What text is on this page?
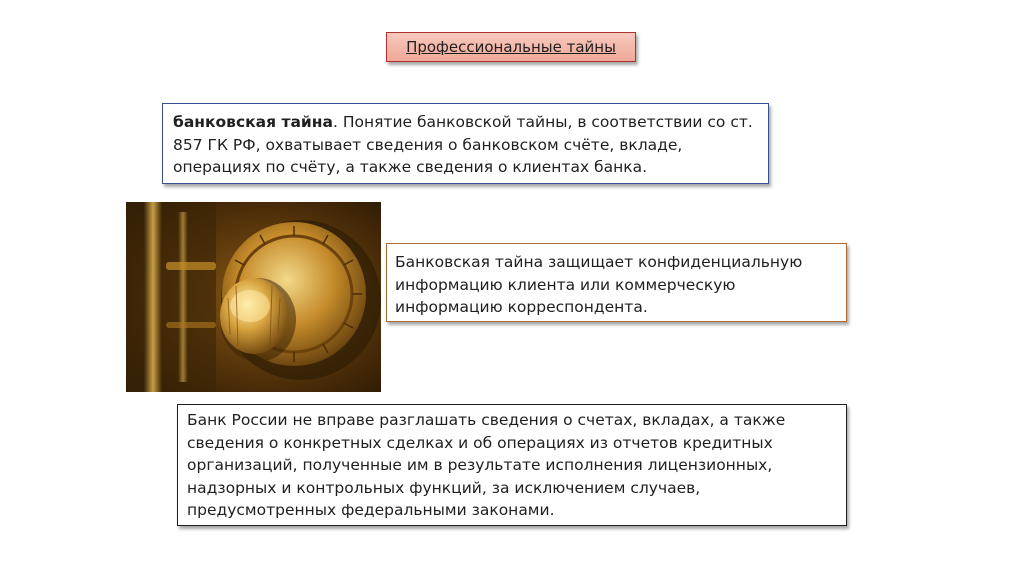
Профессиональные тайны
банковская тайна. Понятие банковской тайны, в соответствии со ст. 857 ГК РФ, охватывает сведения о банковском счёте, вкладе, операциях по счёту, а также сведения о клиентах банка.
Банковская тайна защищает конфиденциальную информацию клиента или коммерческую информацию корреспондента.
Банк России не вправе разглашать сведения о счетах, вкладах, а также сведения о конкретных сделках и об операциях из отчетов кредитных организаций, полученные им в результате исполнения лицензионных, надзорных и контрольных функций, за исключением случаев, предусмотренных федеральными законами.
